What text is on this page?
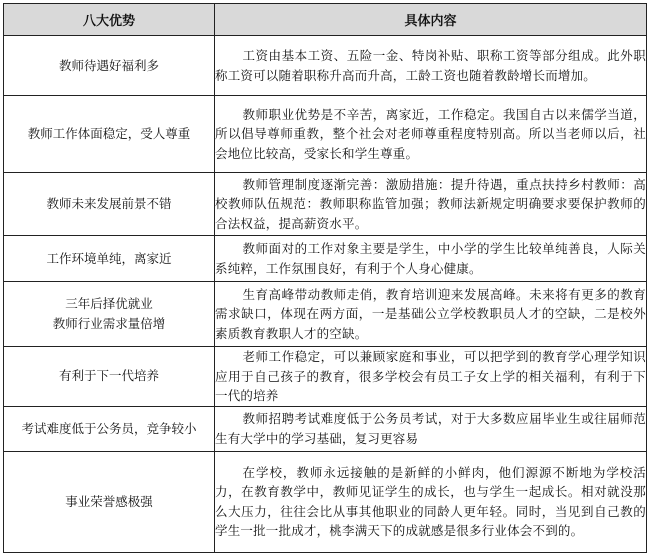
八大优势	具体内容

教师待遇好福利多	工资由基本工资、五险一金、特岗补贴、职称工资等部分组成。此外职称工资可以随着职称升高而升高，工龄工资也随着教龄增长而增加。

教师工作体面稳定，受人尊重	教师职业优势是不辛苦，离家近，工作稳定。我国自古以来儒学当道，所以倡导尊师重教，整个社会对老师尊重程度特别高。所以当老师以后，社会地位比较高，受家长和学生尊重。

教师未来发展前景不错	教师管理制度逐渐完善：激励措施：提升待遇，重点扶持乡村教师：高校教师队伍规范：教师职称监管加强；教师法新规定明确要求要保护教师的合法权益，提高薪资水平。

工作环境单纯，离家近	教师面对的工作对象主要是学生，中小学的学生比较单纯善良，人际关系纯粹，工作氛围良好，有利于个人身心健康。

三年后择优就业
教师行业需求量倍增	生育高峰带动教师走俏，教育培训迎来发展高峰。未来将有更多的教育需求缺口，体现在两方面，一是基础公立学校教职员人才的空缺，二是校外素质教育教职人才的空缺。

有利于下一代培养	老师工作稳定，可以兼顾家庭和事业，可以把学到的教育学心理学知识应用于自己孩子的教育，很多学校会有员工子女上学的相关福利，有利于下一代的培养

考试难度低于公务员，竞争较小	教师招聘考试难度低于公务员考试，对于大多数应届毕业生或往届师范生有大学中的学习基础，复习更容易

事业荣誉感极强	在学校，教师永远接触的是新鲜的小鲜肉，他们源源不断地为学校活力，在教育教学中，教师见证学生的成长，也与学生一起成长。相对就没那么大压力，往往会比从事其他职业的同龄人更年轻。同时，当见到自己教的学生一批一批成才，桃李满天下的成就感是很多行业体会不到的。
